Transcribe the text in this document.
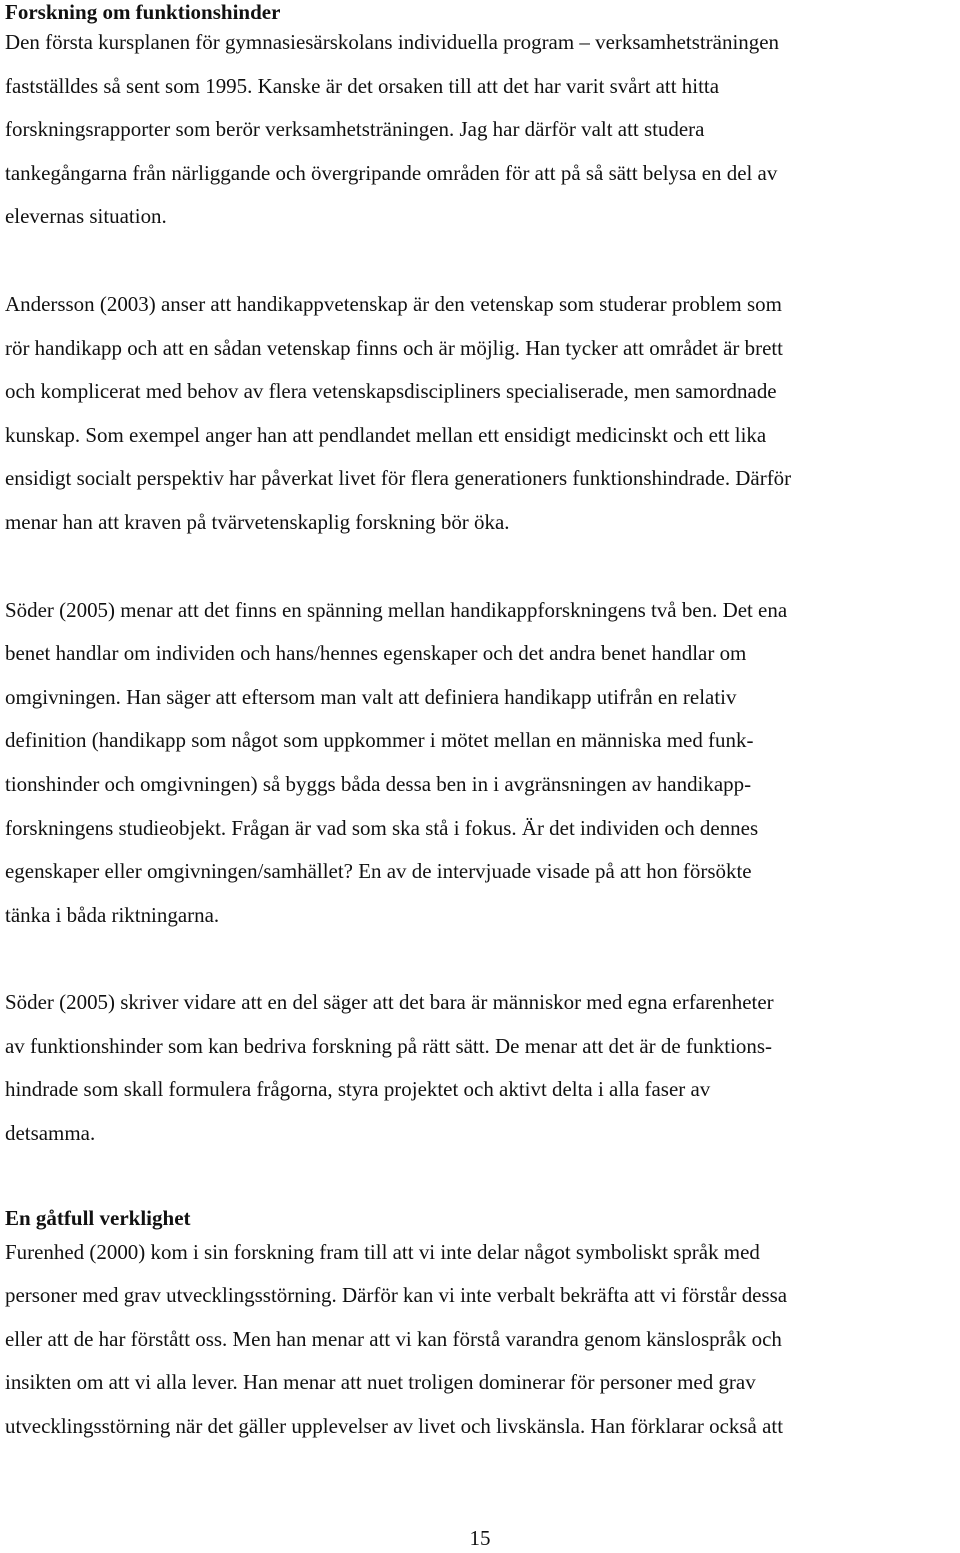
Forskning om funktionshinder

Den första kursplanen för gymnasiesärskolans individuella program – verksamhetsträningen
fastställdes så sent som 1995. Kanske är det orsaken till att det har varit svårt att hitta
forskningsrapporter som berör verksamhetsträningen. Jag har därför valt att studera
tankegångarna från närliggande och övergripande områden för att på så sätt belysa en del av
elevernas situation.

Andersson (2003) anser att handikappvetenskap är den vetenskap som studerar problem som
rör handikapp och att en sådan vetenskap finns och är möjlig. Han tycker att området är brett
och komplicerat med behov av flera vetenskapsdiscipliners specialiserade, men samordnade
kunskap. Som exempel anger han att pendlandet mellan ett ensidigt medicinskt och ett lika
ensidigt socialt perspektiv har påverkat livet för flera generationers funktionshindrade. Därför
menar han att kraven på tvärvetenskaplig forskning bör öka.

Söder (2005) menar att det finns en spänning mellan handikappforskningens två ben. Det ena
benet handlar om individen och hans/hennes egenskaper och det andra benet handlar om
omgivningen. Han säger att eftersom man valt att definiera handikapp utifrån en relativ
definition (handikapp som något som uppkommer i mötet mellan en människa med funk-
tionshinder och omgivningen) så byggs båda dessa ben in i avgränsningen av handikapp-
forskningens studieobjekt. Frågan är vad som ska stå i fokus. Är det individen och dennes
egenskaper eller omgivningen/samhället? En av de intervjuade visade på att hon försökte
tänka i båda riktningarna.

Söder (2005) skriver vidare att en del säger att det bara är människor med egna erfarenheter
av funktionshinder som kan bedriva forskning på rätt sätt. De menar att det är de funktions-
hindrade som skall formulera frågorna, styra projektet och aktivt delta i alla faser av
detsamma.

En gåtfull verklighet

Furenhed (2000) kom i sin forskning fram till att vi inte delar något symboliskt språk med
personer med grav utvecklingsstörning. Därför kan vi inte verbalt bekräfta att vi förstår dessa
eller att de har förstått oss. Men han menar att vi kan förstå varandra genom känslospråk och
insikten om att vi alla lever. Han menar att nuet troligen dominerar för personer med grav
utvecklingsstörning när det gäller upplevelser av livet och livskänsla. Han förklarar också att

15
